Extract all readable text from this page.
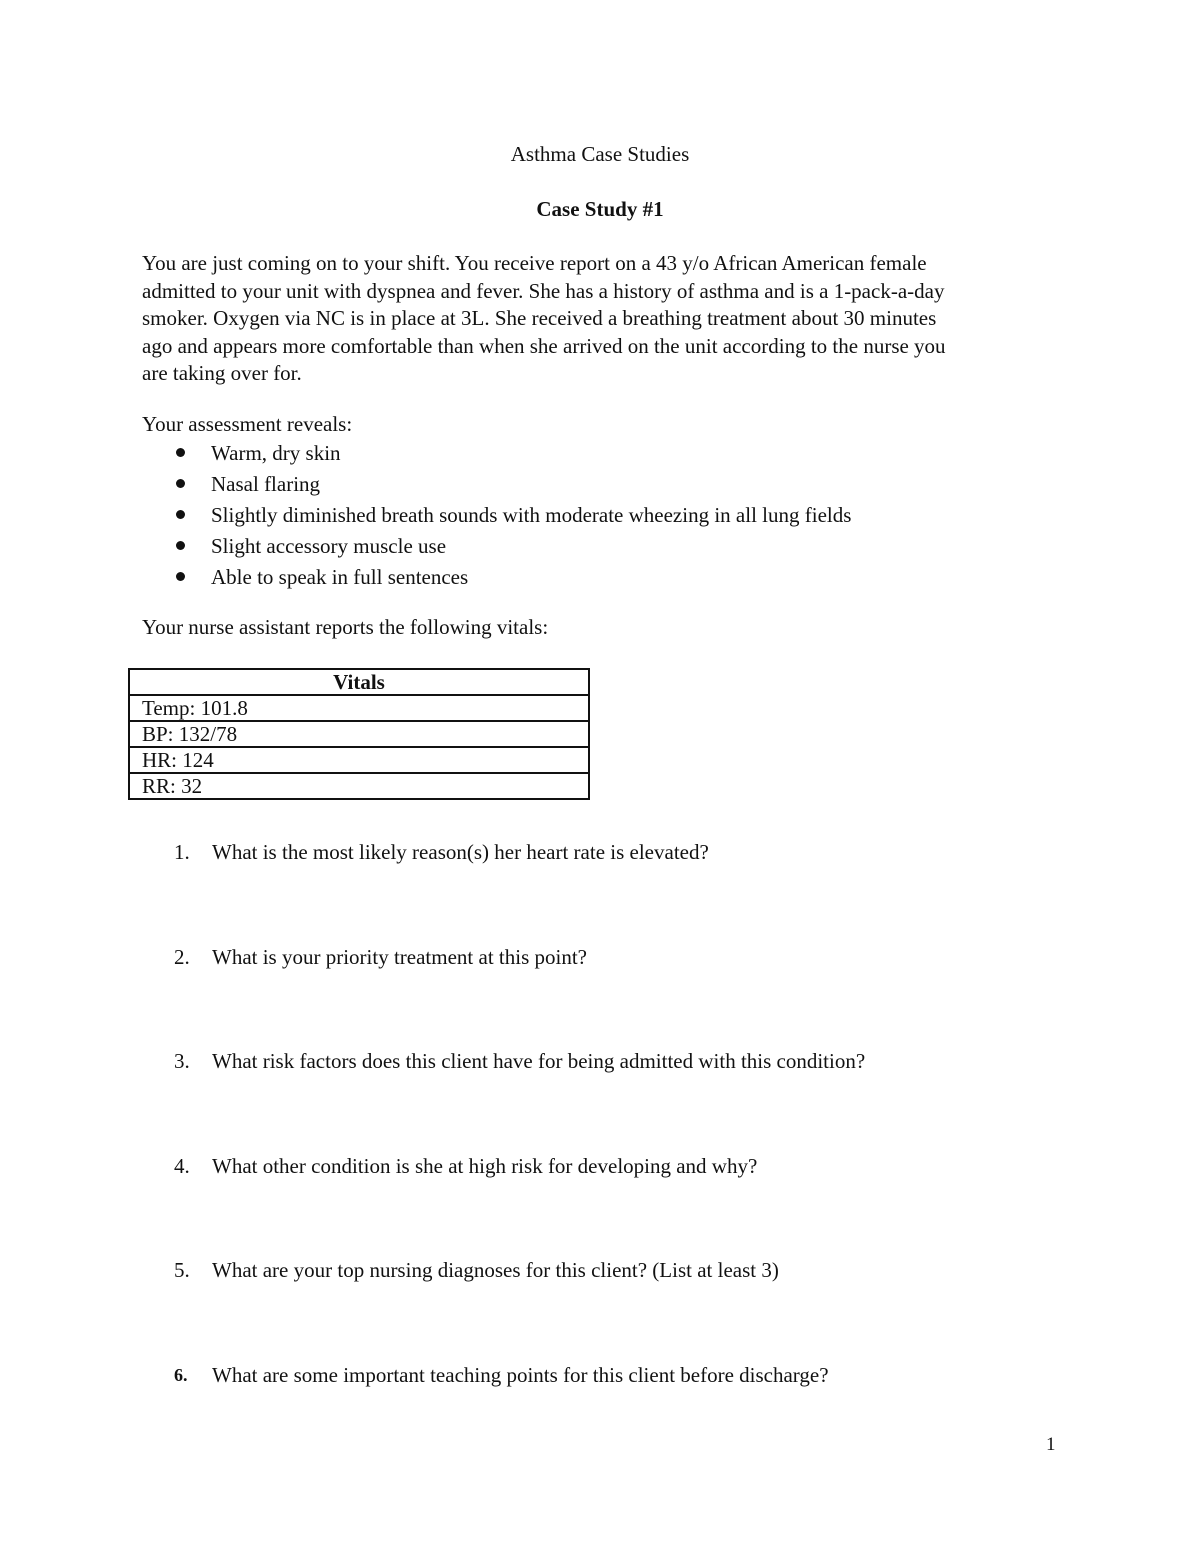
Asthma Case Studies
Case Study #1

You are just coming on to your shift. You receive report on a 43 y/o African American female
admitted to your unit with dyspnea and fever. She has a history of asthma and is a 1-pack-a-day
smoker. Oxygen via NC is in place at 3L. She received a breathing treatment about 30 minutes
ago and appears more comfortable than when she arrived on the unit according to the nurse you
are taking over for.

Your assessment reveals:

Warm, dry skin
Nasal flaring
Slightly diminished breath sounds with moderate wheezing in all lung fields
Slight accessory muscle use
Able to speak in full sentences

Your nurse assistant reports the following vitals:

Vitals
Temp: 101.8
BP: 132/78
HR: 124
RR: 32
1. What is the most likely reason(s) her heart rate is elevated?
2. What is your priority treatment at this point?
3. What risk factors does this client have for being admitted with this condition?
4. What other condition is she at high risk for developing and why?
5. What are your top nursing diagnoses for this client? (List at least 3)
6. What are some important teaching points for this client before discharge?
1
